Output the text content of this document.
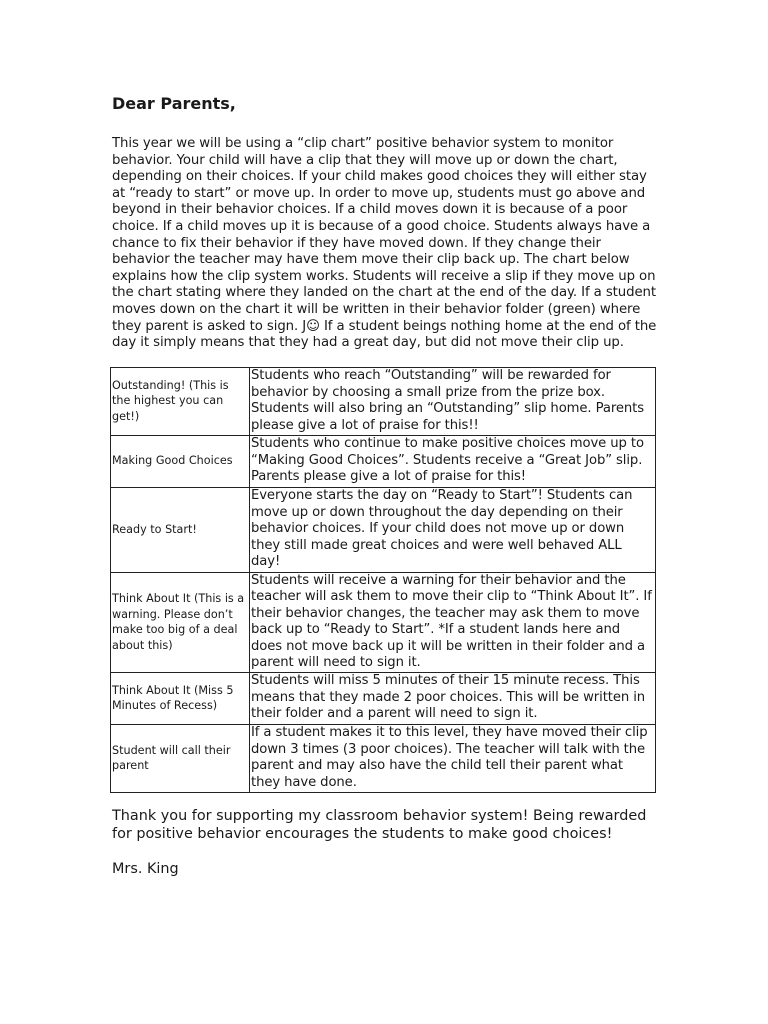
Dear Parents,

This year we will be using a “clip chart” positive behavior system to monitor behavior. Your child will have a clip that they will move up or down the chart, depending on their choices. If your child makes good choices they will either stay at “ready to start” or move up. In order to move up, students must go above and beyond in their behavior choices. If a child moves down it is because of a poor choice. If a child moves up it is because of a good choice. Students always have a chance to fix their behavior if they have moved down. If they change their behavior the teacher may have them move their clip back up. The chart below explains how the clip system works. Students will receive a slip if they move up on the chart stating where they landed on the chart at the end of the day. If a student moves down on the chart it will be written in their behavior folder (green) where they parent is asked to sign. J☺ If a student beings nothing home at the end of the day it simply means that they had a great day, but did not move their clip up.

Outstanding! (This is the highest you can get!)	Students who reach “Outstanding” will be rewarded for behavior by choosing a small prize from the prize box. Students will also bring an “Outstanding” slip home. Parents please give a lot of praise for this!!
Making Good Choices	Students who continue to make positive choices move up to “Making Good Choices”. Students receive a “Great Job” slip. Parents please give a lot of praise for this!
Ready to Start!	Everyone starts the day on “Ready to Start”! Students can move up or down throughout the day depending on their behavior choices. If your child does not move up or down they still made great choices and were well behaved ALL day!
Think About It (This is a warning. Please don’t make too big of a deal about this)	Students will receive a warning for their behavior and the teacher will ask them to move their clip to “Think About It”. If their behavior changes, the teacher may ask them to move back up to “Ready to Start”. *If a student lands here and does not move back up it will be written in their folder and a parent will need to sign it.
Think About It (Miss 5 Minutes of Recess)	Students will miss 5 minutes of their 15 minute recess. This means that they made 2 poor choices. This will be written in their folder and a parent will need to sign it.
Student will call their parent	If a student makes it to this level, they have moved their clip down 3 times (3 poor choices). The teacher will talk with the parent and may also have the child tell their parent what they have done.

Thank you for supporting my classroom behavior system! Being rewarded for positive behavior encourages the students to make good choices!

Mrs. King
